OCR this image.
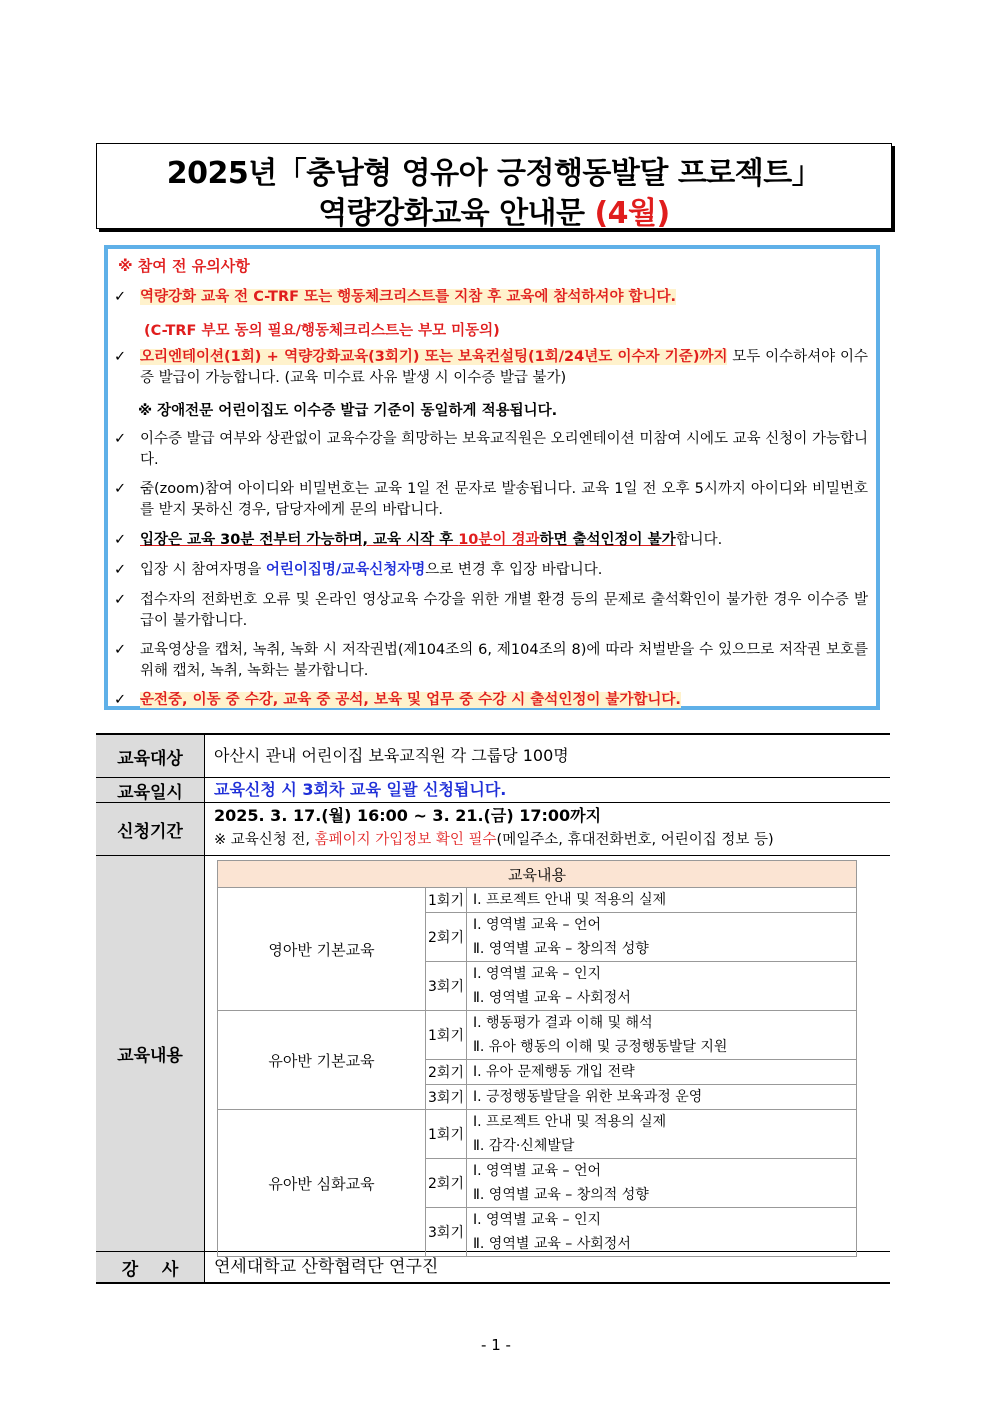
2025년「충남형 영유아 긍정행동발달 프로젝트」
역량강화교육 안내문 (4월)
※ 참여 전 유의사항
✓ 역량강화 교육 전 C-TRF 또는 행동체크리스트를 지참 후 교육에 참석하셔야 합니다.
(C-TRF 부모 동의 필요/행동체크리스트는 부모 미동의)
✓ 오리엔테이션(1회) + 역량강화교육(3회기) 또는 보육컨설팅(1회/24년도 이수자 기준)까지 모두 이수하셔야 이수증 발급이 가능합니다. (교육 미수료 사유 발생 시 이수증 발급 불가)
※ 장애전문 어린이집도 이수증 발급 기준이 동일하게 적용됩니다.
✓ 이수증 발급 여부와 상관없이 교육수강을 희망하는 보육교직원은 오리엔테이션 미참여 시에도 교육 신청이 가능합니다.
✓ 줌(zoom)참여 아이디와 비밀번호는 교육 1일 전 문자로 발송됩니다. 교육 1일 전 오후 5시까지 아이디와 비밀번호를 받지 못하신 경우, 담당자에게 문의 바랍니다.
✓ 입장은 교육 30분 전부터 가능하며, 교육 시작 후 10분이 경과하면 출석인정이 불가합니다.
✓ 입장 시 참여자명을 어린이집명/교육신청자명으로 변경 후 입장 바랍니다.
✓ 접수자의 전화번호 오류 및 온라인 영상교육 수강을 위한 개별 환경 등의 문제로 출석확인이 불가한 경우 이수증 발급이 불가합니다.
✓ 교육영상을 캡처, 녹취, 녹화 시 저작권법(제104조의 6, 제104조의 8)에 따라 처벌받을 수 있으므로 저작권 보호를 위해 캡처, 녹취, 녹화는 불가합니다.
✓ 운전중, 이동 중 수강, 교육 중 공석, 보육 및 업무 중 수강 시 출석인정이 불가합니다.
교육대상	아산시 관내 어린이집 보육교직원 각 그룹당 100명
교육일시	교육신청 시 3회차 교육 일괄 신청됩니다.
신청기간
2025. 3. 17.(월) 16:00 ~ 3. 21.(금) 17:00까지
※ 교육신청 전, 홈페이지 가입정보 확인 필수(메일주소, 휴대전화번호, 어린이집 정보 등)
교육내용
교육내용		
영아반 기본교육	1회기	Ⅰ. 프로젝트 안내 및 적용의 실제

	2회기	Ⅰ. 영역별 교육 – 언어
Ⅱ. 영역별 교육 – 창의적 성향

	3회기	Ⅰ. 영역별 교육 – 인지
Ⅱ. 영역별 교육 – 사회정서

유아반 기본교육	1회기	Ⅰ. 행동평가 결과 이해 및 해석
Ⅱ. 유아 행동의 이해 및 긍정행동발달 지원

	2회기	Ⅰ. 유아 문제행동 개입 전략

	3회기	Ⅰ. 긍정행동발달을 위한 보육과정 운영

유아반 심화교육	1회기	Ⅰ. 프로젝트 안내 및 적용의 실제
Ⅱ. 감각·신체발달

	2회기	Ⅰ. 영역별 교육 – 언어
Ⅱ. 영역별 교육 – 창의적 성향

	3회기	Ⅰ. 영역별 교육 – 인지
Ⅱ. 영역별 교육 – 사회정서
강    사	연세대학교 산학협력단 연구진
- 1 -
